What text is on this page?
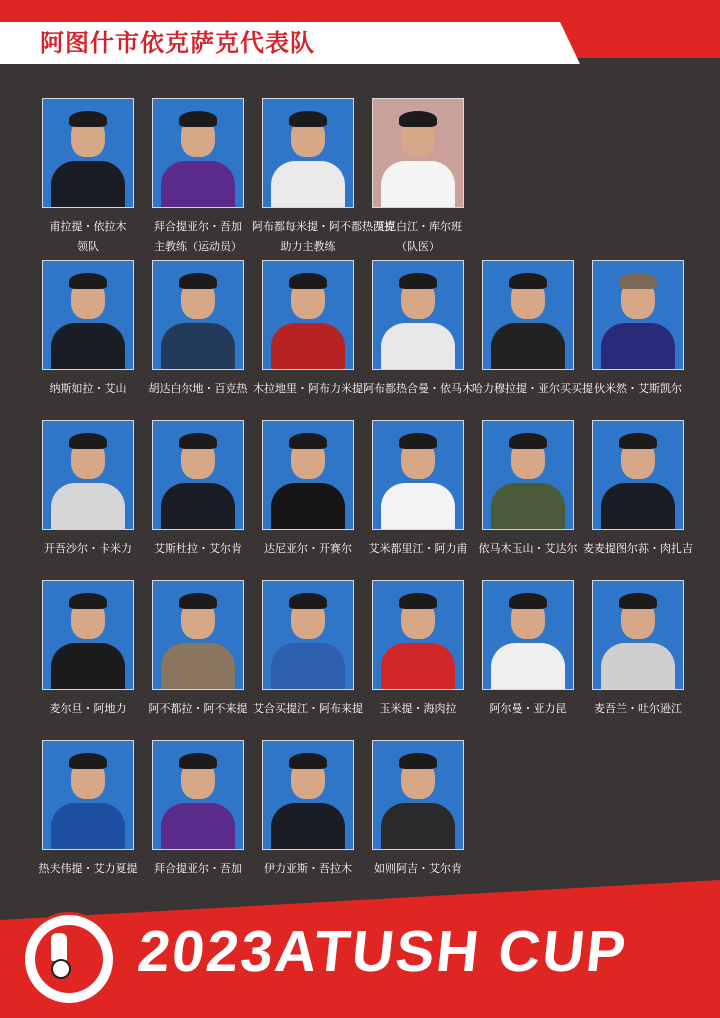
阿图什市依克萨克代表队
甫拉提・依拉木
领队
拜合提亚尔・吾加
主教练（运动员）
阿布都每米提・阿不都热西提
助力主教练
艾克白江・库尔班
（队医）
纳斯如拉・艾山	胡达白尔地・百克热 木拉地里・阿布力米提 阿布都热合曼・依马木 哈力穆拉提・亚尔买买提 伙米然・艾斯凯尔
开吾沙尔・卡米力	艾斯杜拉・艾尔肯	达尼亚尔・开赛尔	艾米都里江・阿力甫	依马木玉山・艾达尔 麦麦提图尔荪・肉扎吉
麦尔旦・阿地力	阿不都拉・阿不来提 艾合买提江・阿布来提	玉米提・海肉拉	阿尔曼・亚力昆	麦吾兰・吐尔逊江
热夫伟提・艾力夏提	拜合提亚尔・吾加	伊力亚斯・吾拉木	如则阿吉・艾尔肯
2023ATUSH CUP
